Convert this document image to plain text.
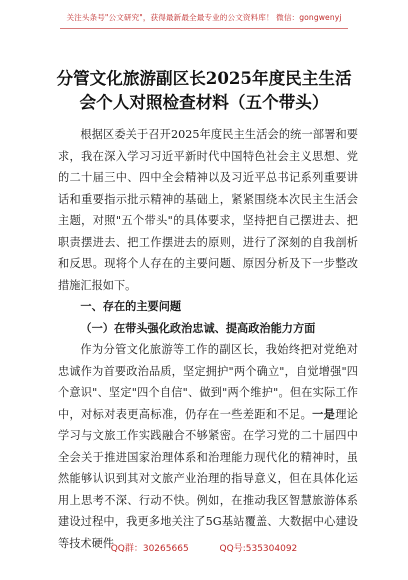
关注头条号"公文研究"，获得最新最全最专业的公文资料库！ 微信：gongwenyj
分管文化旅游副区长2025年度民主生活
会个人对照检查材料（五个带头）

根据区委关于召开2025年度民主生活会的统一部署和要求，我在深入学习习近平新时代中国特色社会主义思想、党的二十届三中、四中全会精神以及习近平总书记系列重要讲话和重要指示批示精神的基础上，紧紧围绕本次民主生活会主题，对照"五个带头"的具体要求，坚持把自己摆进去、把职责摆进去、把工作摆进去的原则，进行了深刻的自我剖析和反思。现将个人存在的主要问题、原因分析及下一步整改措施汇报如下。

一、存在的主要问题

（一）在带头强化政治忠诚、提高政治能力方面

作为分管文化旅游等工作的副区长，我始终把对党绝对忠诚作为首要政治品质，坚定拥护"两个确立"，自觉增强"四个意识"、坚定"四个自信"、做到"两个维护"。但在实际工作中，对标对表更高标准，仍存在一些差距和不足。一是理论学习与文旅工作实践融合不够紧密。在学习党的二十届四中全会关于推进国家治理体系和治理能力现代化的精神时，虽然能够认识到其对文旅产业治理的指导意义，但在具体化运用上思考不深、行动不快。例如，在推动我区智慧旅游体系建设过程中，我更多地关注了5G基站覆盖、大数据中心建设等技术硬件

QQ群：30265665	QQ号:535304092
